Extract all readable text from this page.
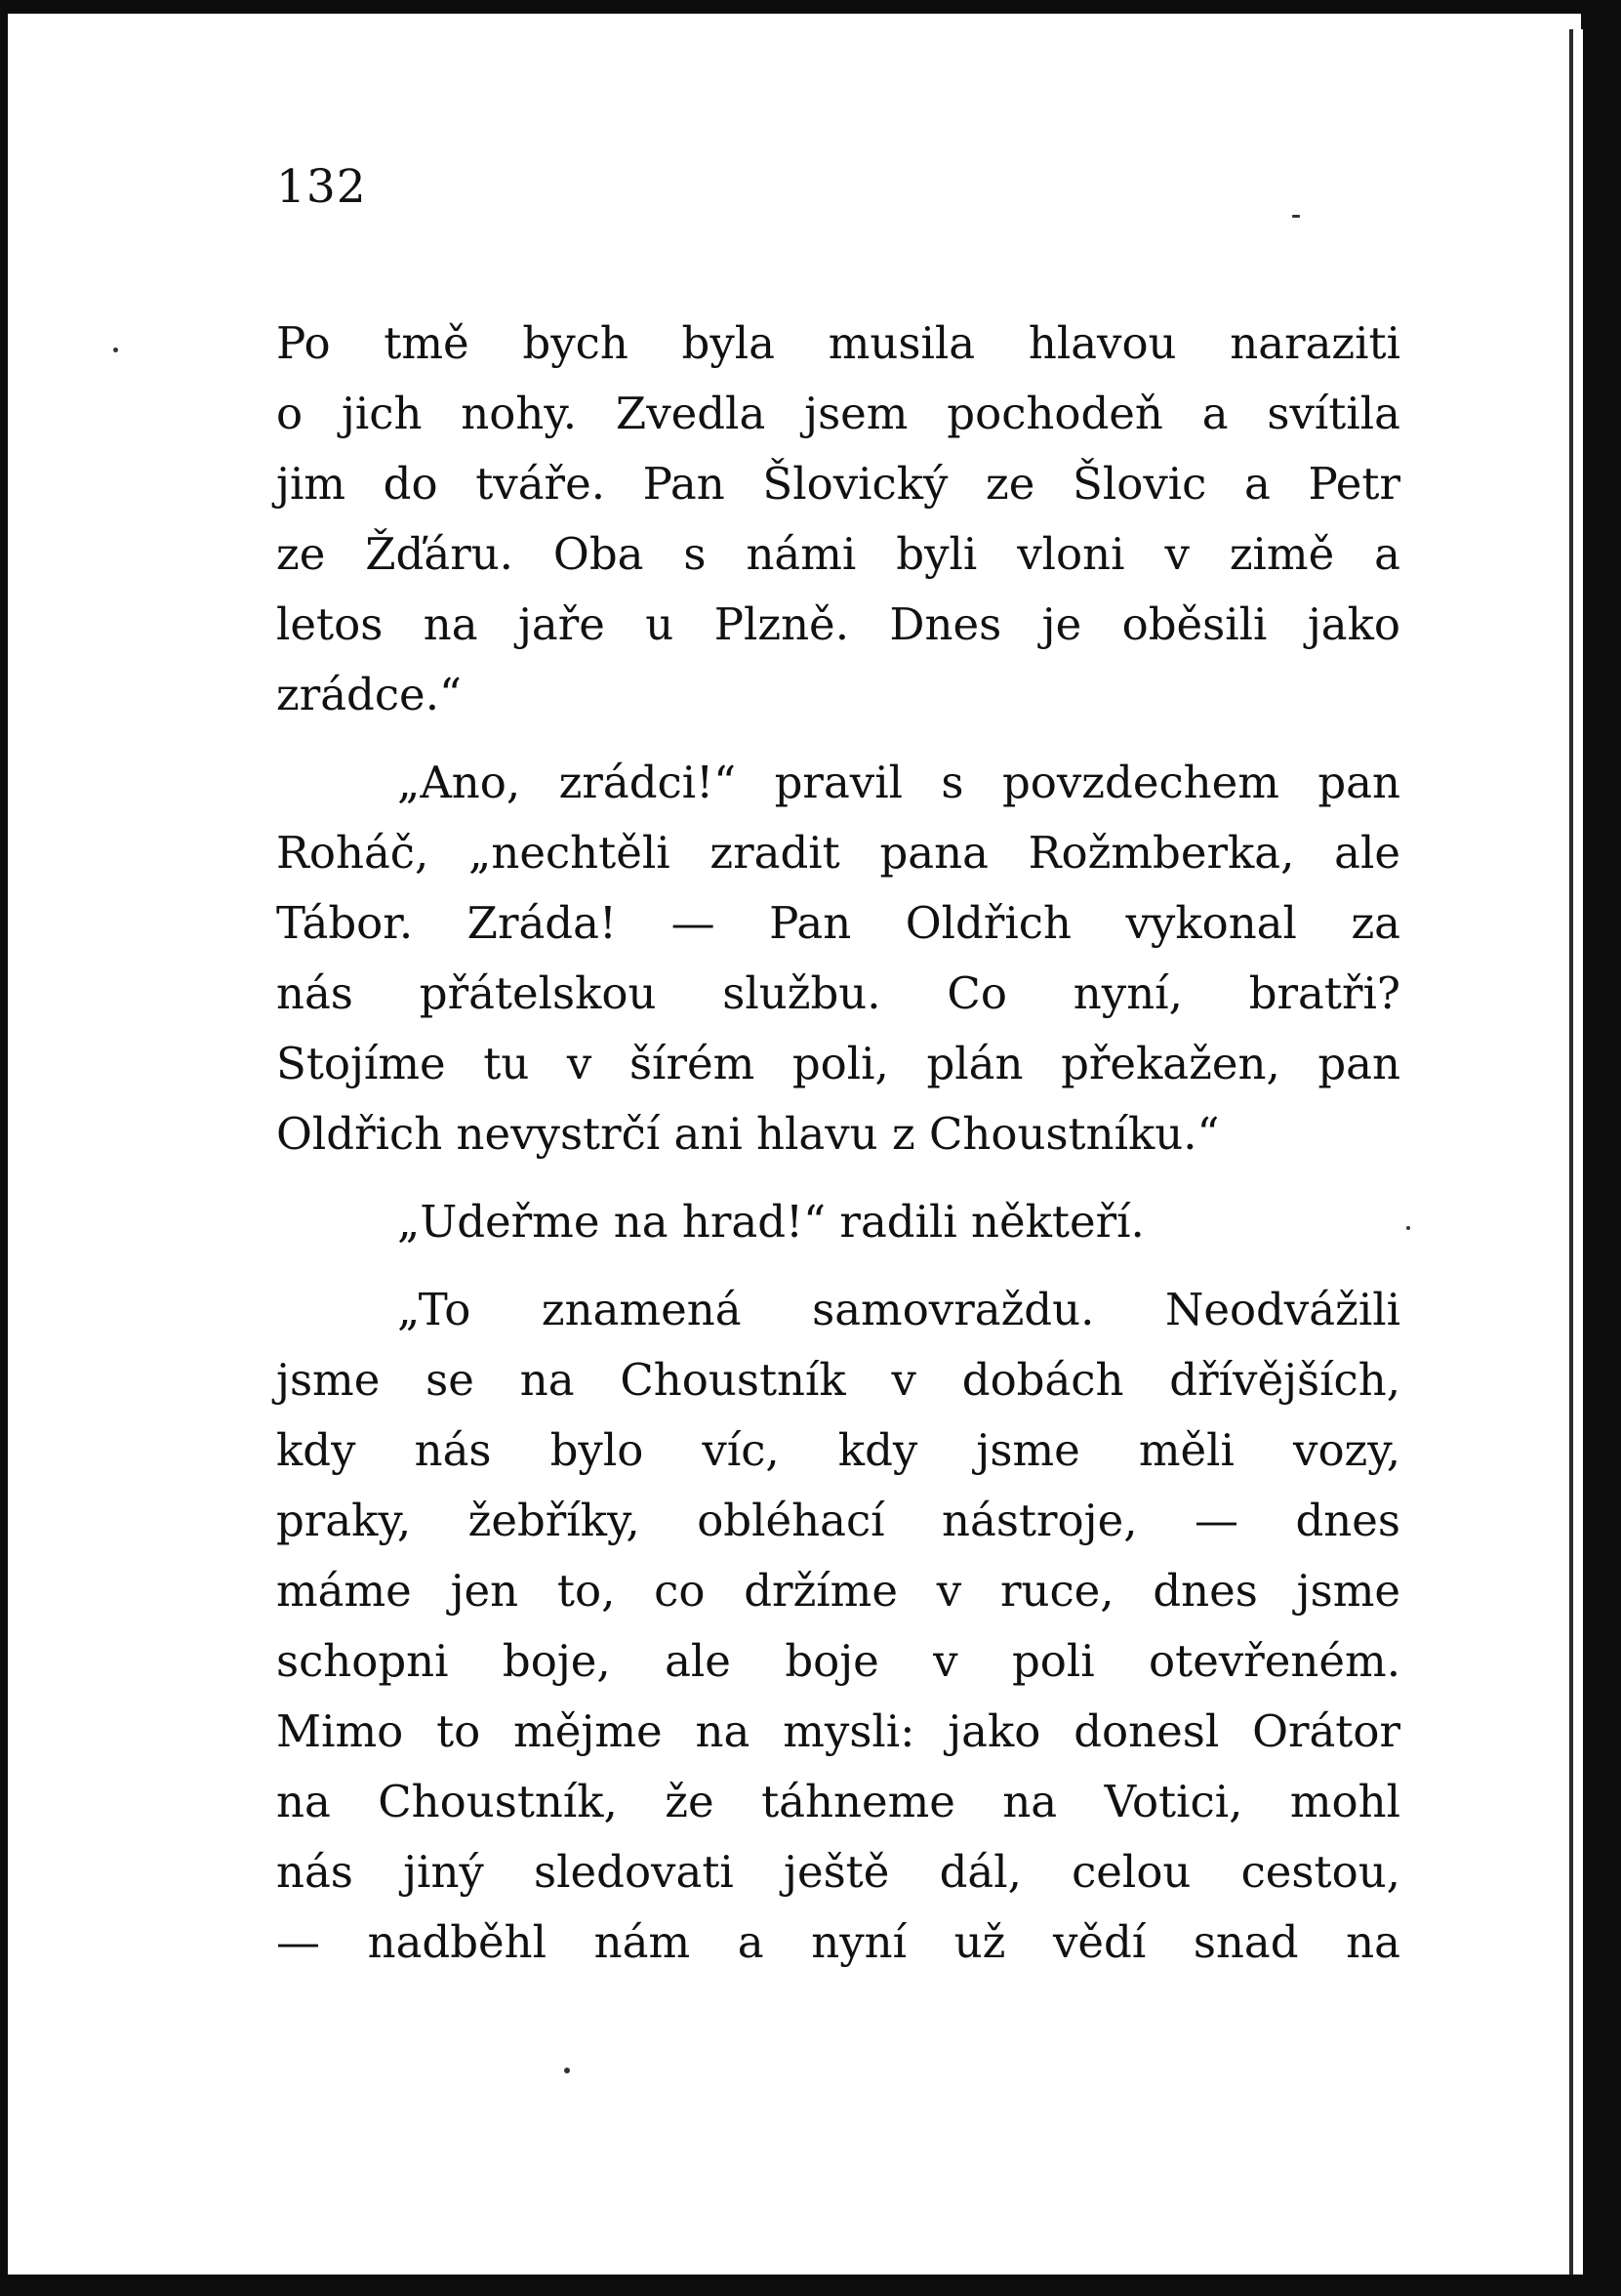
132
Po tmě bych byla musila hlavou naraziti
o jich nohy. Zvedla jsem pochodeň a svítila
jim do tváře. Pan Šlovický ze Šlovic a Petr
ze Žďáru. Oba s námi byli vloni v zimě a
letos na jaře u Plzně. Dnes je oběsili jako
zrádce.“
„Ano, zrádci!“ pravil s povzdechem pan
Roháč, „nechtěli zradit pana Rožmberka, ale
Tábor. Zráda! — Pan Oldřich vykonal za
nás přátelskou službu. Co nyní, bratři?
Stojíme tu v šírém poli, plán překažen, pan
Oldřich nevystrčí ani hlavu z Choustníku.“
„Udeřme na hrad!“ radili někteří.
„To znamená samovraždu. Neodvážili
jsme se na Choustník v dobách dřívějších,
kdy nás bylo víc, kdy jsme měli vozy,
praky, žebříky, obléhací nástroje, — dnes
máme jen to, co držíme v ruce, dnes jsme
schopni boje, ale boje v poli otevřeném.
Mimo to mějme na mysli: jako donesl Orátor
na Choustník, že táhneme na Votici, mohl
nás jiný sledovati ještě dál, celou cestou,
— nadběhl nám a nyní už vědí snad na
